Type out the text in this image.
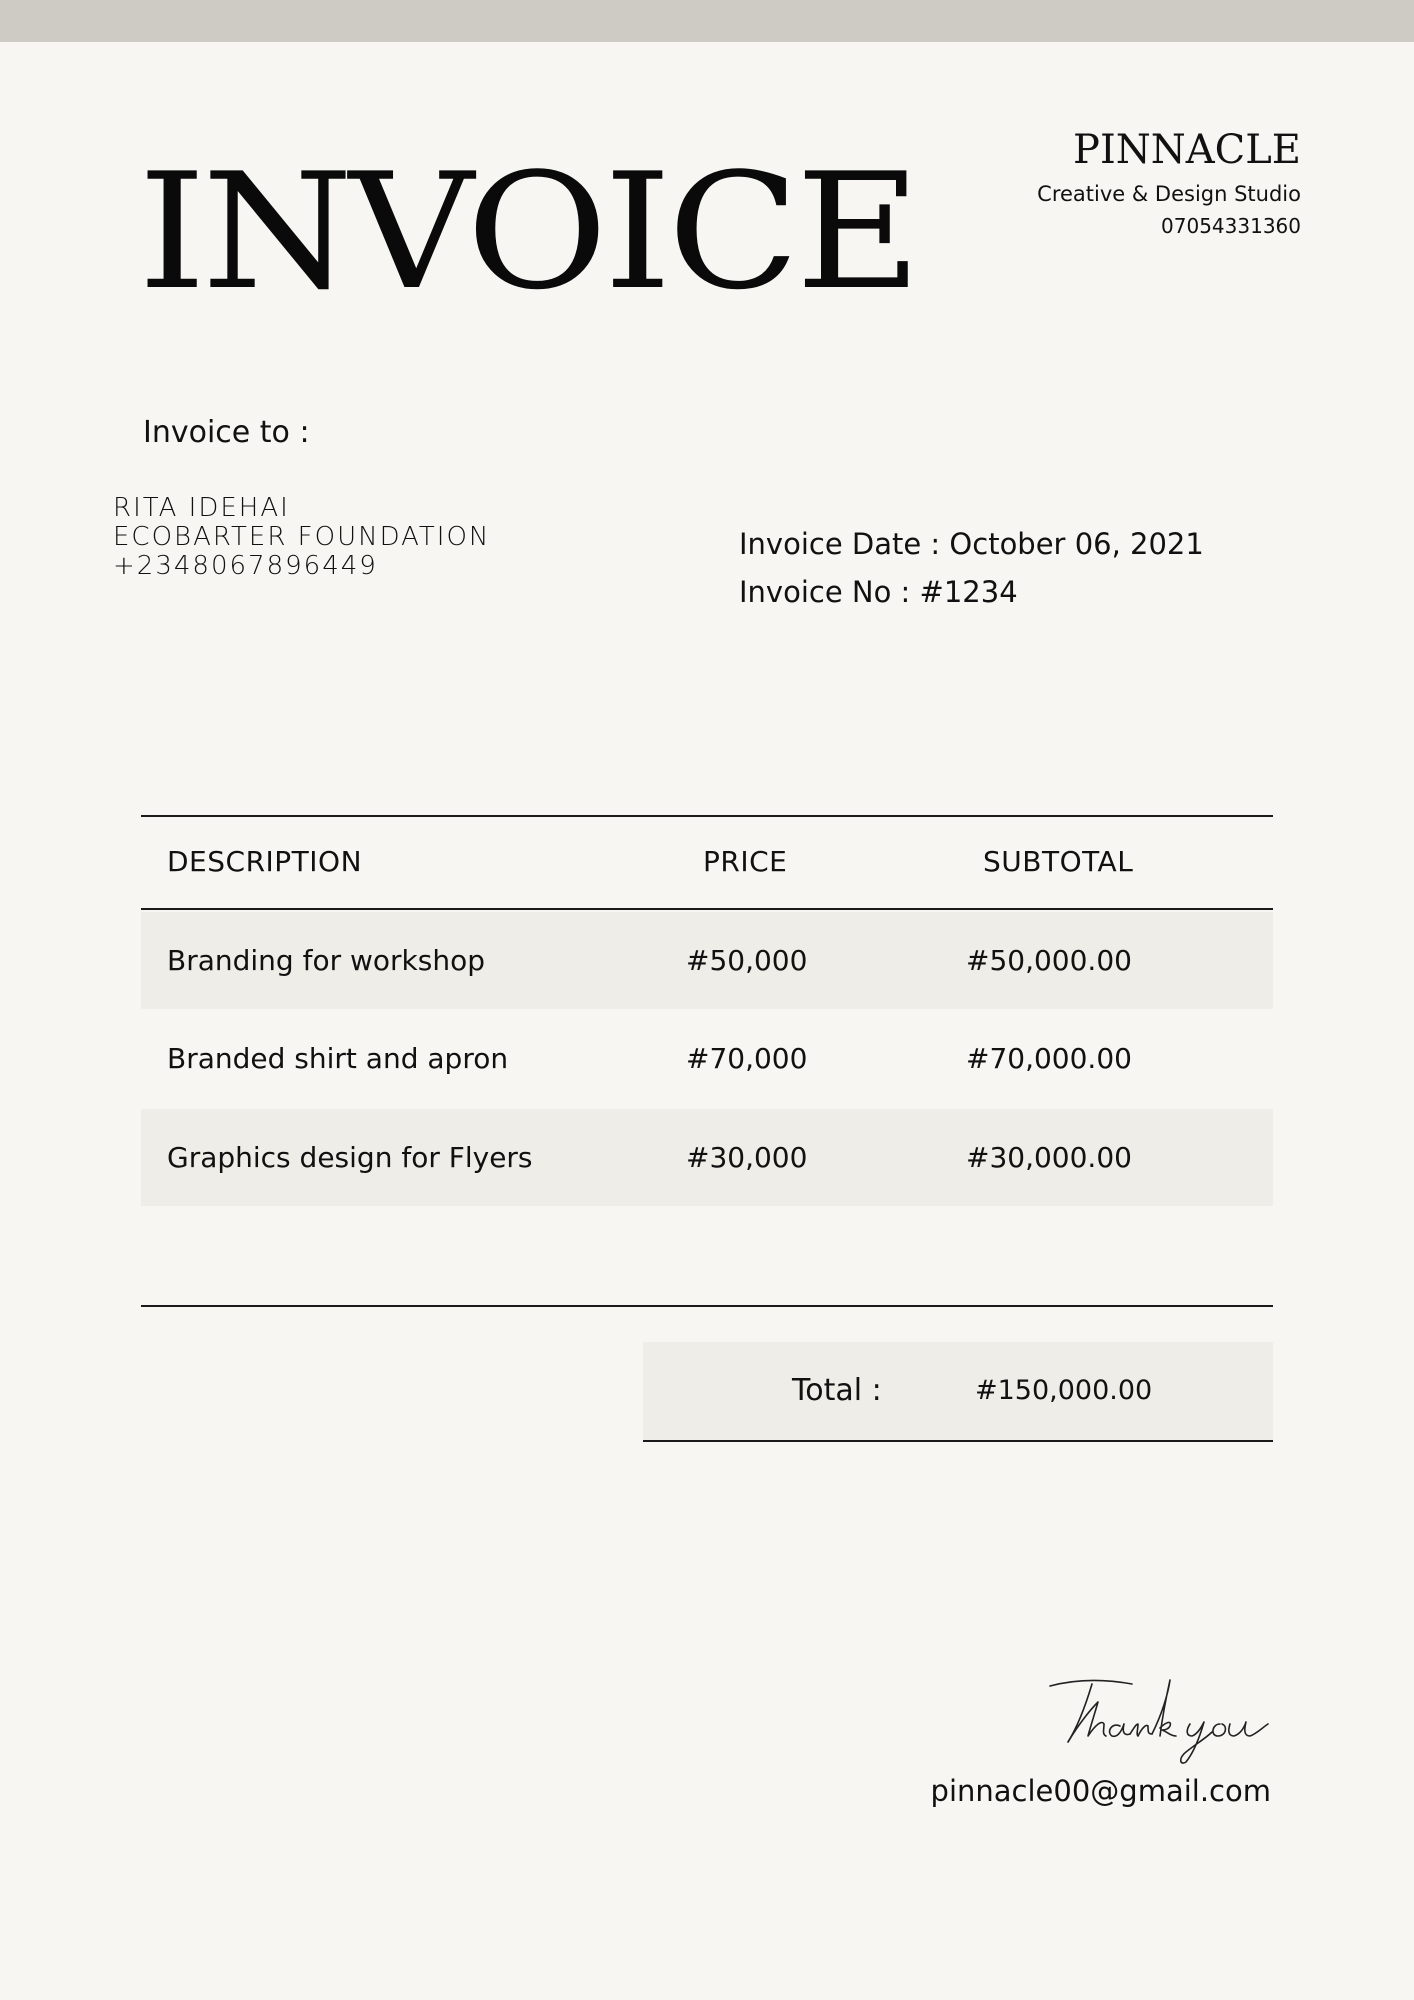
INVOICE	PINNACLE
Creative & Design Studio
07054331360
Invoice to :
RITA IDEHAI
ECOBARTER FOUNDATION
+2348067896449
Invoice Date : October 06, 2021
Invoice No : #1234
DESCRIPTION	PRICE	SUBTOTAL
Branding for workshop	#50,000	#50,000.00
Branded shirt and apron	#70,000	#70,000.00
Graphics design for Flyers	#30,000	#30,000.00
Total :	#150,000.00
pinnacle00@gmail.com
